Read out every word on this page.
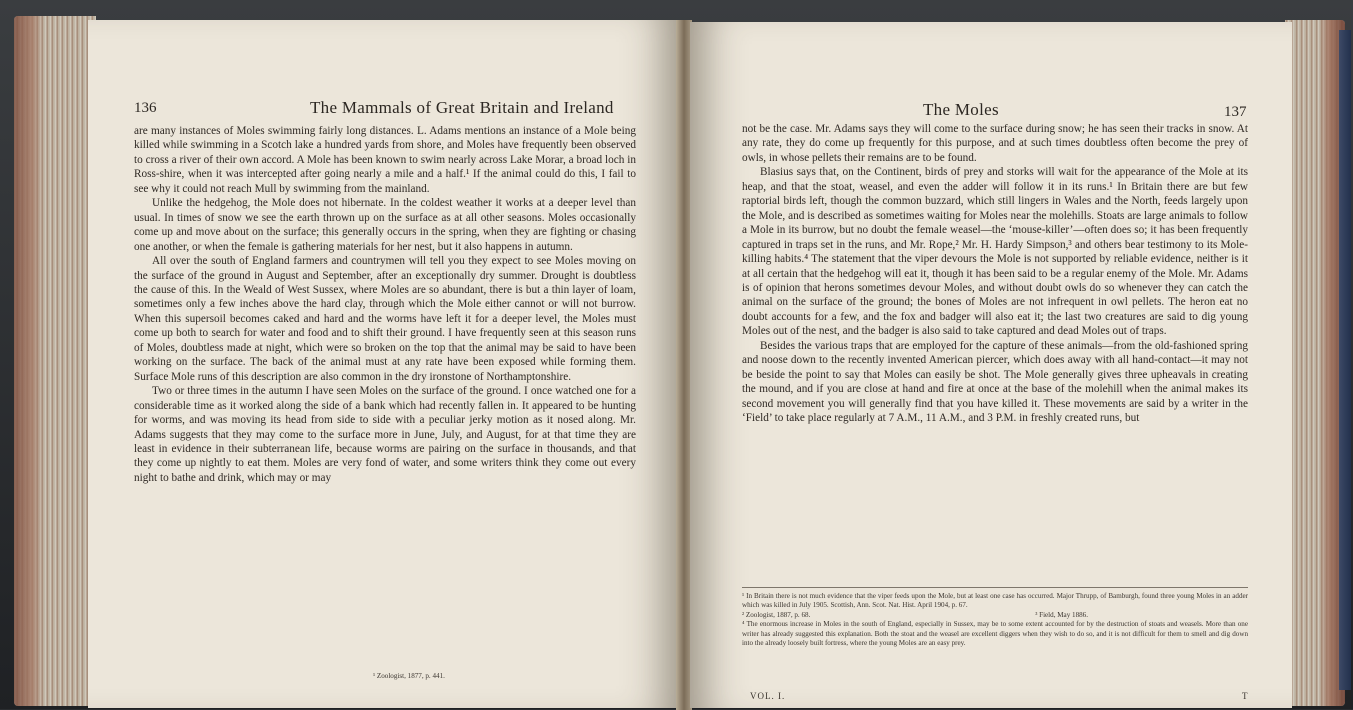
136	The Mammals of Great Britain and Ireland

are many instances of Moles swimming fairly long distances. L. Adams mentions an instance of a Mole being killed while swimming in a Scotch lake a hundred yards from shore, and Moles have frequently been observed to cross a river of their own accord. A Mole has been known to swim nearly across Lake Morar, a broad loch in Ross-shire, when it was intercepted after going nearly a mile and a half.¹ If the animal could do this, I fail to see why it could not reach Mull by swimming from the mainland.

Unlike the hedgehog, the Mole does not hibernate. In the coldest weather it works at a deeper level than usual. In times of snow we see the earth thrown up on the surface as at all other seasons. Moles occasionally come up and move about on the surface; this generally occurs in the spring, when they are fighting or chasing one another, or when the female is gathering materials for her nest, but it also happens in autumn.

All over the south of England farmers and countrymen will tell you they expect to see Moles moving on the surface of the ground in August and September, after an exceptionally dry summer. Drought is doubtless the cause of this. In the Weald of West Sussex, where Moles are so abundant, there is but a thin layer of loam, sometimes only a few inches above the hard clay, through which the Mole either cannot or will not burrow. When this supersoil becomes caked and hard and the worms have left it for a deeper level, the Moles must come up both to search for water and food and to shift their ground. I have frequently seen at this season runs of Moles, doubtless made at night, which were so broken on the top that the animal may be said to have been working on the surface. The back of the animal must at any rate have been exposed while forming them. Surface Mole runs of this description are also common in the dry ironstone of Northamptonshire.

Two or three times in the autumn I have seen Moles on the surface of the ground. I once watched one for a considerable time as it worked along the side of a bank which had recently fallen in. It appeared to be hunting for worms, and was moving its head from side to side with a peculiar jerky motion as it nosed along. Mr. Adams suggests that they may come to the surface more in June, July, and August, for at that time they are least in evidence in their subterranean life, because worms are pairing on the surface in thousands, and that they come up nightly to eat them. Moles are very fond of water, and some writers think they come out every night to bathe and drink, which may or may

¹ Zoologist, 1877, p. 441.
The Moles	137

not be the case. Mr. Adams says they will come to the surface during snow; he has seen their tracks in snow. At any rate, they do come up frequently for this purpose, and at such times doubtless often become the prey of owls, in whose pellets their remains are to be found.

Blasius says that, on the Continent, birds of prey and storks will wait for the appearance of the Mole at its heap, and that the stoat, weasel, and even the adder will follow it in its runs.¹ In Britain there are but few raptorial birds left, though the common buzzard, which still lingers in Wales and the North, feeds largely upon the Mole, and is described as sometimes waiting for Moles near the molehills. Stoats are large animals to follow a Mole in its burrow, but no doubt the female weasel—the ‘mouse-killer’—often does so; it has been frequently captured in traps set in the runs, and Mr. Rope,² Mr. H. Hardy Simpson,³ and others bear testimony to its Mole-killing habits.⁴ The statement that the viper devours the Mole is not supported by reliable evidence, neither is it at all certain that the hedgehog will eat it, though it has been said to be a regular enemy of the Mole. Mr. Adams is of opinion that herons sometimes devour Moles, and without doubt owls do so whenever they can catch the animal on the surface of the ground; the bones of Moles are not infrequent in owl pellets. The heron eat no doubt accounts for a few, and the fox and badger will also eat it; the last two creatures are said to dig young Moles out of the nest, and the badger is also said to take captured and dead Moles out of traps.

Besides the various traps that are employed for the capture of these animals—from the old-fashioned spring and noose down to the recently invented American piercer, which does away with all hand-contact—it may not be beside the point to say that Moles can easily be shot. The Mole generally gives three upheavals in creating the mound, and if you are close at hand and fire at once at the base of the molehill when the animal makes its second movement you will generally find that you have killed it. These movements are said by a writer in the ‘Field’ to take place regularly at 7 A.M., 11 A.M., and 3 P.M. in freshly created runs, but

¹ In Britain there is not much evidence that the viper feeds upon the Mole, but at least one case has occurred. Major Thrupp, of Bamburgh, found three young Moles in an adder which was killed in July 1905. Scottish, Ann. Scot. Nat. Hist. April 1904, p. 67.
² Zoologist, 1887, p. 68.	³ Field, May 1886.
⁴ The enormous increase in Moles in the south of England, especially in Sussex, may be to some extent accounted for by the destruction of stoats and weasels. More than one writer has already suggested this explanation. Both the stoat and the weasel are excellent diggers when they wish to do so, and it is not difficult for them to smell and dig down into the already loosely built fortress, where the young Moles are an easy prey.
VOL. I.	T
